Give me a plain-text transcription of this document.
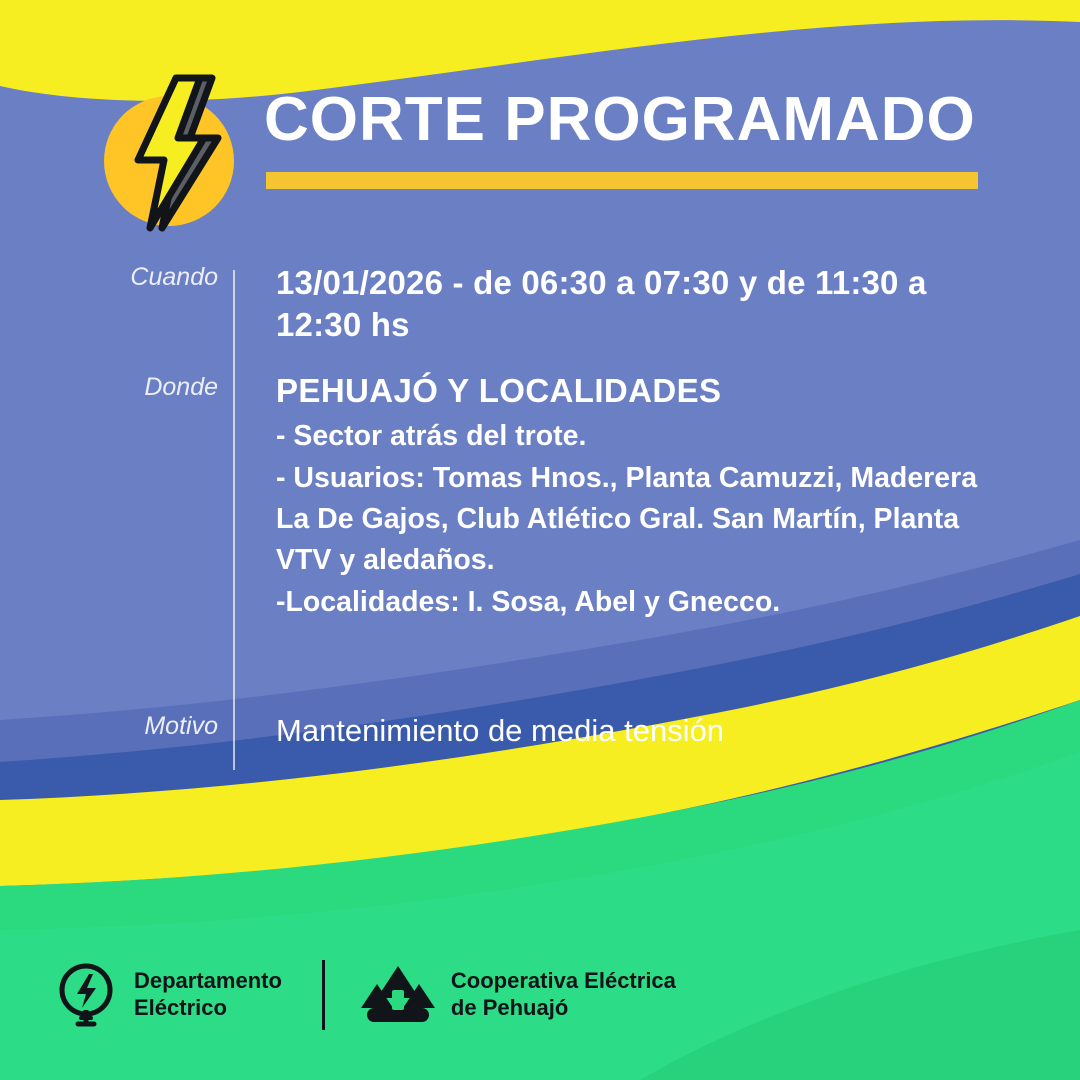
CORTE PROGRAMADO
Cuando	13/01/2026 - de 06:30 a 07:30 y de 11:30 a 12:30 hs
Donde	PEHUAJÓ Y LOCALIDADES
- Sector atrás del trote.
- Usuarios: Tomas Hnos., Planta Camuzzi, Maderera La De Gajos, Club Atlético Gral. San Martín, Planta VTV y aledaños.
-Localidades: I. Sosa, Abel y Gnecco.
Motivo	Mantenimiento de media tensión
Departamento
Eléctrico
Cooperativa Eléctrica
de Pehuajó
